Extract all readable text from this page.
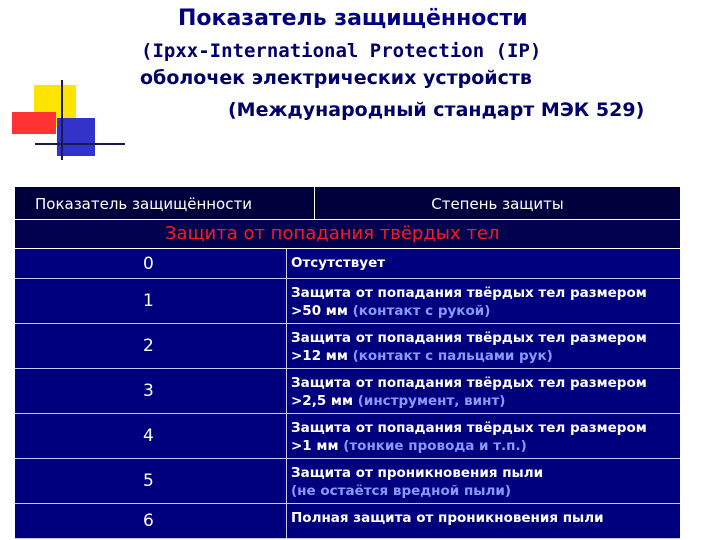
Показатель защищённости
(Ipxx-International Protection (IP)
оболочек электрических устройств
(Международный стандарт МЭК 529)
Показатель защищённости	Степень защиты
Защита от попадания твёрдых тел
0	Отсутствует
1	Защита от попадания твёрдых тел размером
>50 мм (контакт с рукой)
2	Защита от попадания твёрдых тел размером
>12 мм (контакт с пальцами рук)
3	Защита от попадания твёрдых тел размером
>2,5 мм (инструмент, винт)
4	Защита от попадания твёрдых тел размером
>1 мм (тонкие провода и т.п.)
5	Защита от проникновения пыли
(не остаётся вредной пыли)
6	Полная защита от проникновения пыли
